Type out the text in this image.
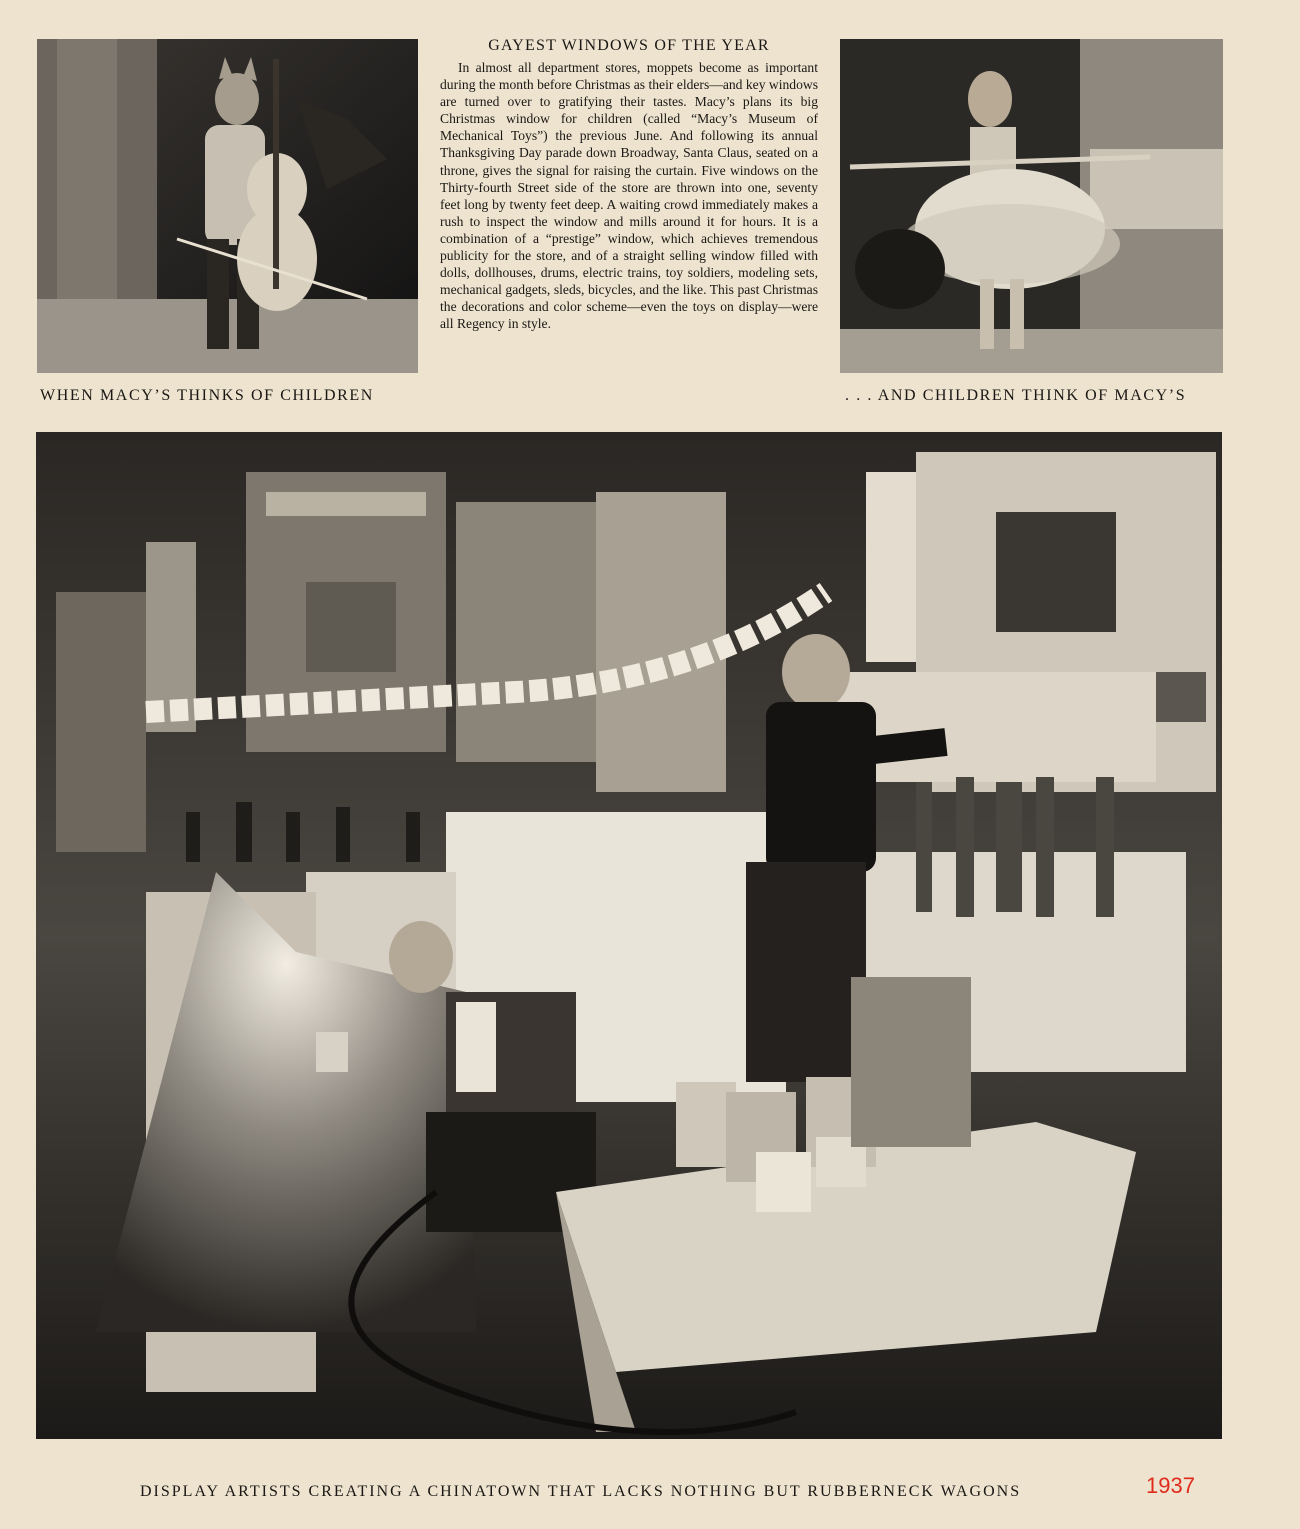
GAYEST WINDOWS OF THE YEAR

In almost all department stores, moppets become as important during the month before Christmas as their elders—and key windows are turned over to gratifying their tastes. Macy’s plans its big Christmas window for children (called “Macy’s Museum of Mechanical Toys”) the previous June. And following its annual Thanksgiving Day parade down Broadway, Santa Claus, seated on a throne, gives the signal for raising the curtain. Five windows on the Thirty-fourth Street side of the store are thrown into one, seventy feet long by twenty feet deep. A waiting crowd immediately makes a rush to inspect the window and mills around it for hours. It is a combination of a “prestige” window, which achieves tremendous publicity for the store, and of a straight selling window filled with dolls, dollhouses, drums, electric trains, toy soldiers, modeling sets, mechanical gadgets, sleds, bicycles, and the like. This past Christmas the decorations and color scheme—even the toys on display—were all Regency in style.

WHEN MACY’S THINKS OF CHILDREN	. . . AND CHILDREN THINK OF MACY’S
DISPLAY ARTISTS CREATING A CHINATOWN THAT LACKS NOTHING BUT RUBBERNECK WAGONS	1937
